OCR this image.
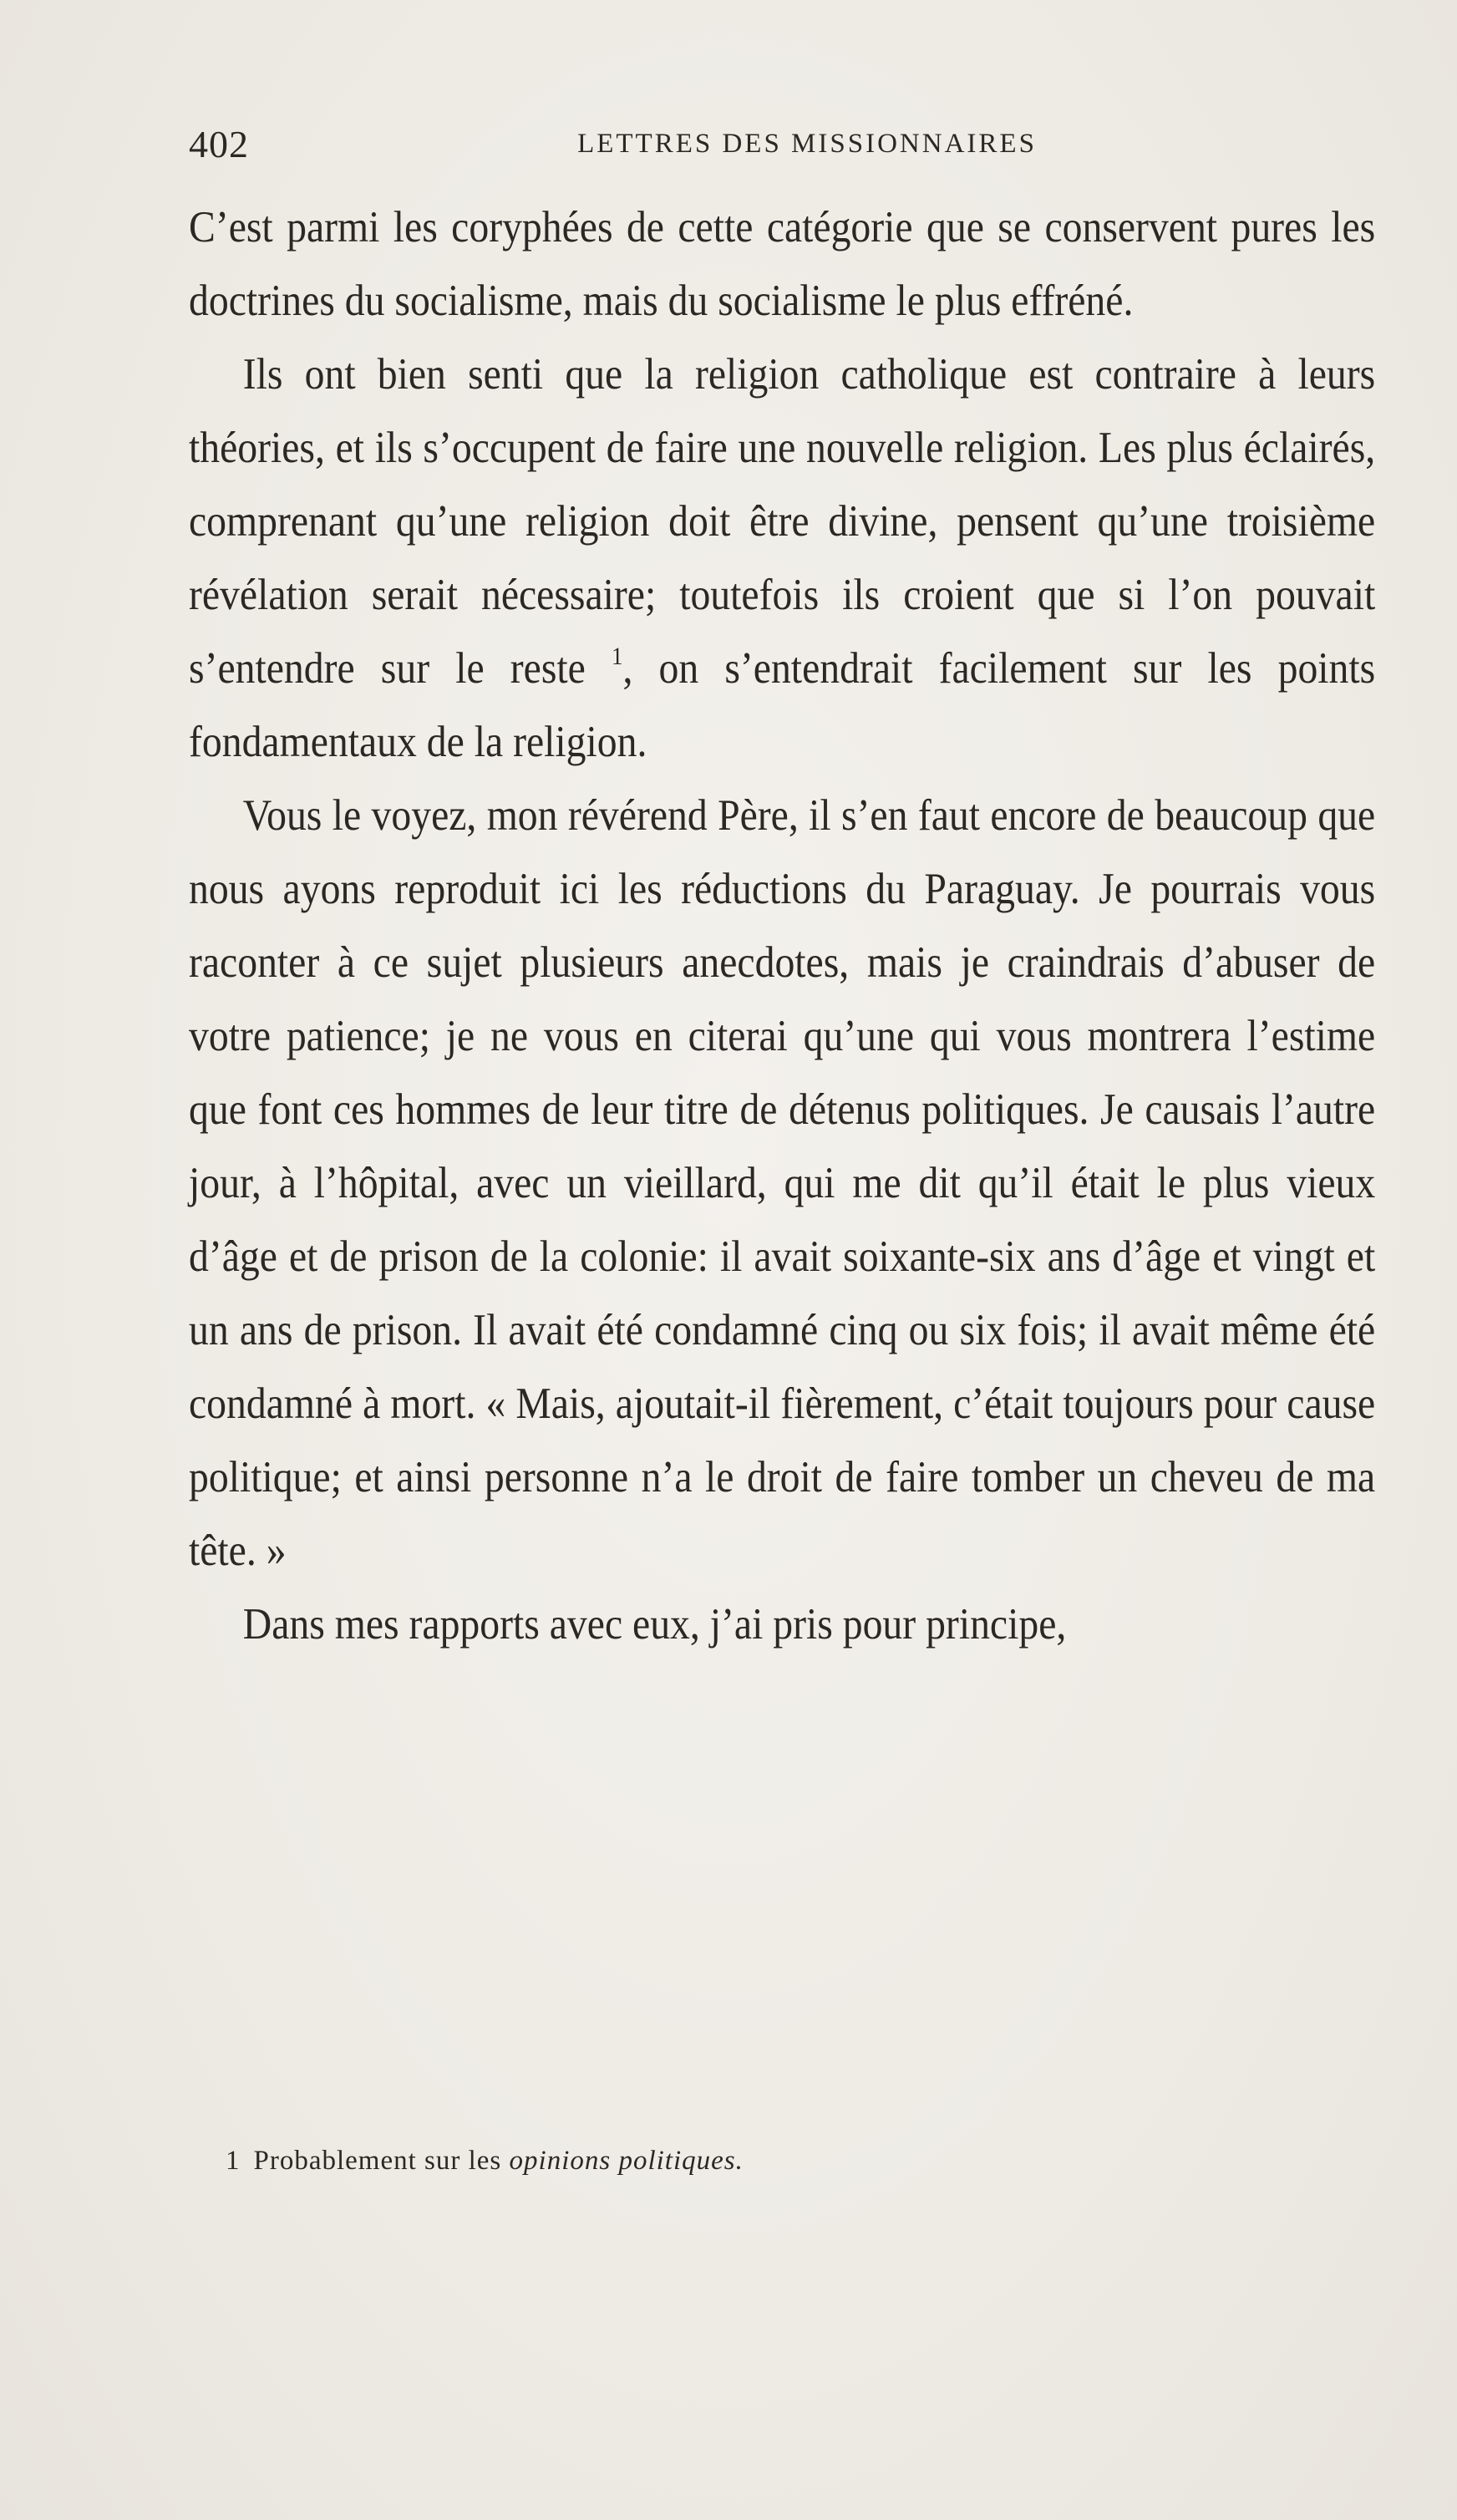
402	LETTRES DES MISSIONNAIRES

C’est parmi les coryphées de cette catégorie que se conservent pures les doctrines du socialisme, mais du socialisme le plus effréné.

Ils ont bien senti que la religion catholique est contraire à leurs théories, et ils s’occupent de faire une nouvelle religion. Les plus éclairés, comprenant qu’une religion doit être divine, pensent qu’une troisième révélation serait nécessaire; toutefois ils croient que si l’on pouvait s’entendre sur le reste $^1$, on s’entendrait facilement sur les points fondamentaux de la religion.

Vous le voyez, mon révérend Père, il s’en faut encore de beaucoup que nous ayons reproduit ici les réductions du Paraguay. Je pourrais vous raconter à ce sujet plusieurs anecdotes, mais je craindrais d’abuser de votre patience; je ne vous en citerai qu’une qui vous montrera l’estime que font ces hommes de leur titre de détenus politiques. Je causais l’autre jour, à l’hôpital, avec un vieillard, qui me dit qu’il était le plus vieux d’âge et de prison de la colonie: il avait soixante-six ans d’âge et vingt et un ans de prison. Il avait été condamné cinq ou six fois; il avait même été condamné à mort. « Mais, ajoutait-il fièrement, c’était toujours pour cause politique; et ainsi personne n’a le droit de faire tomber un cheveu de ma tête. »

Dans mes rapports avec eux, j’ai pris pour principe,

1 Probablement sur les opinions politiques.
